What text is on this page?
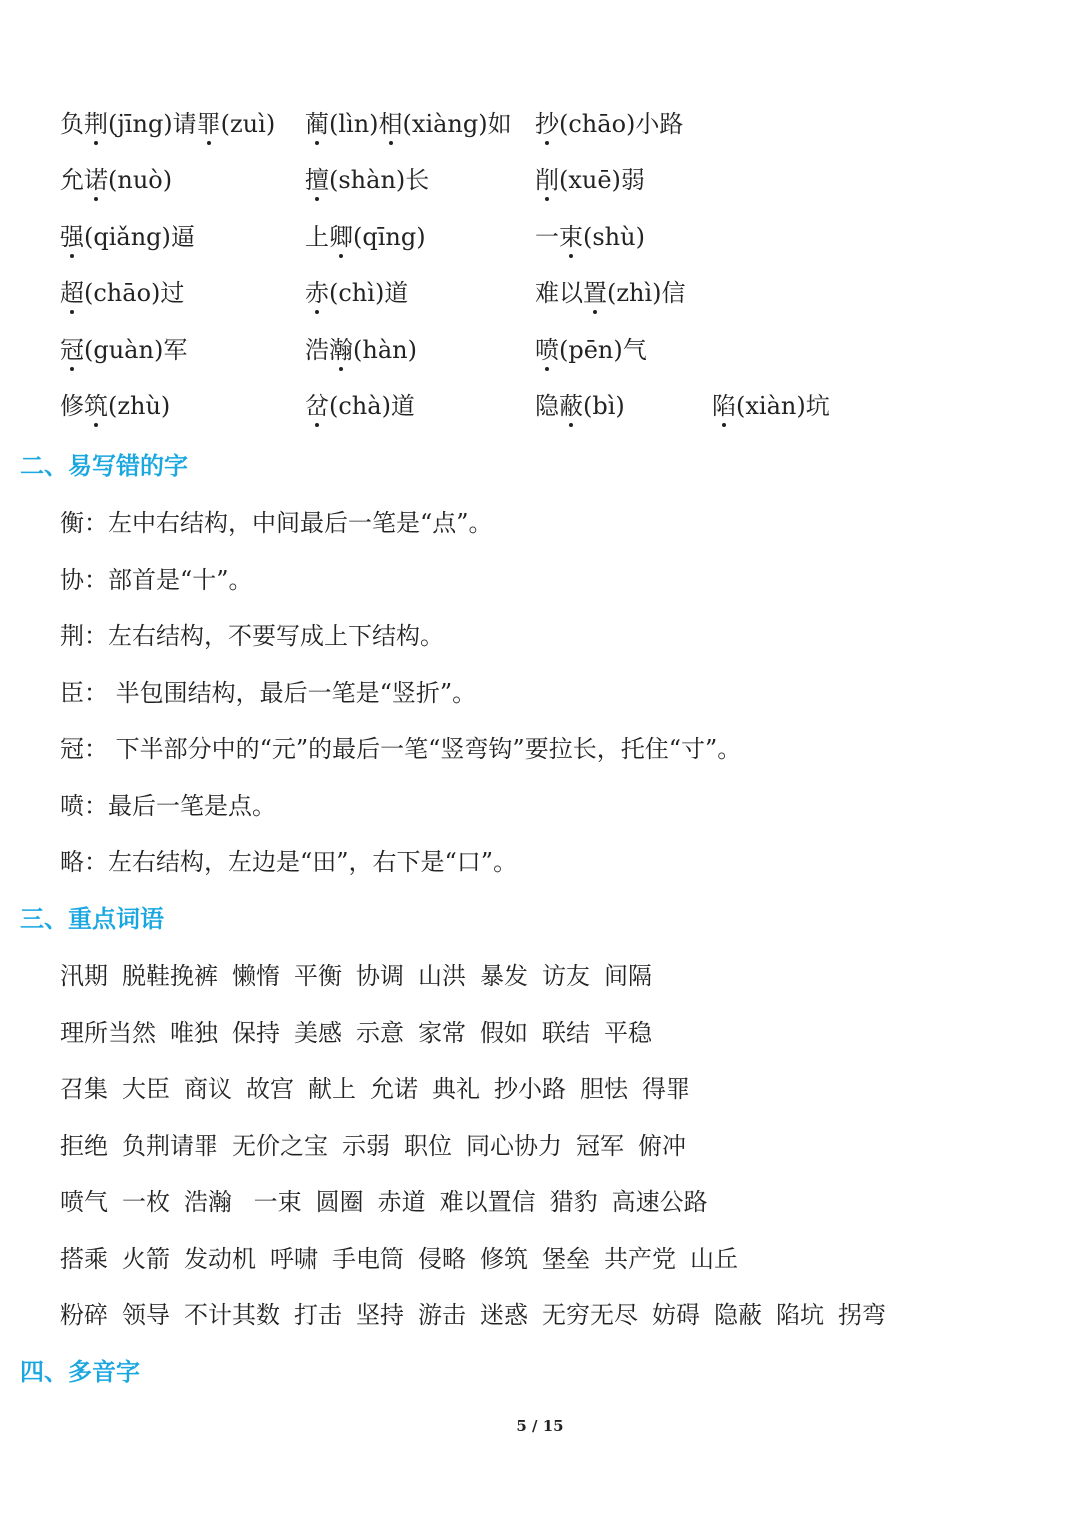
负荆(jīng)请罪(zuì) 蔺(lìn)相(xiàng)如 抄(chāo)小路
允诺(nuò)	擅(shàn)长	削(xuē)弱
强(qiǎng)逼	上卿(qīng)	一束(shù)
超(chāo)过	赤(chì)道	难以置(zhì)信
冠(guàn)军	浩瀚(hàn)	喷(pēn)气
修筑(zhù)	岔(chà)道	隐蔽(bì)	陷(xiàn)坑
二、易写错的字
衡：左中右结构，中间最后一笔是“点”。
协：部首是“十”。
荆：左右结构，不要写成上下结构。
臣： 半包围结构，最后一笔是“竖折”。
冠： 下半部分中的“元”的最后一笔“竖弯钩”要拉长，托住“寸”。
喷：最后一笔是点。
略：左右结构，左边是“田”，右下是“口”。
三、重点词语
汛期 脱鞋挽裤 懒惰 平衡 协调 山洪 暴发 访友 间隔
理所当然 唯独 保持 美感 示意 家常 假如 联结 平稳
召集 大臣 商议 故宫 献上 允诺 典礼 抄小路 胆怯 得罪
拒绝 负荆请罪 无价之宝 示弱 职位 同心协力 冠军 俯冲
喷气 一枚 浩瀚 一束 圆圈 赤道 难以置信 猎豹 高速公路
搭乘 火箭 发动机 呼啸 手电筒 侵略 修筑 堡垒 共产党 山丘
粉碎 领导 不计其数 打击 坚持 游击 迷惑 无穷无尽 妨碍 隐蔽 陷坑 拐弯
四、多音字
5 / 15
